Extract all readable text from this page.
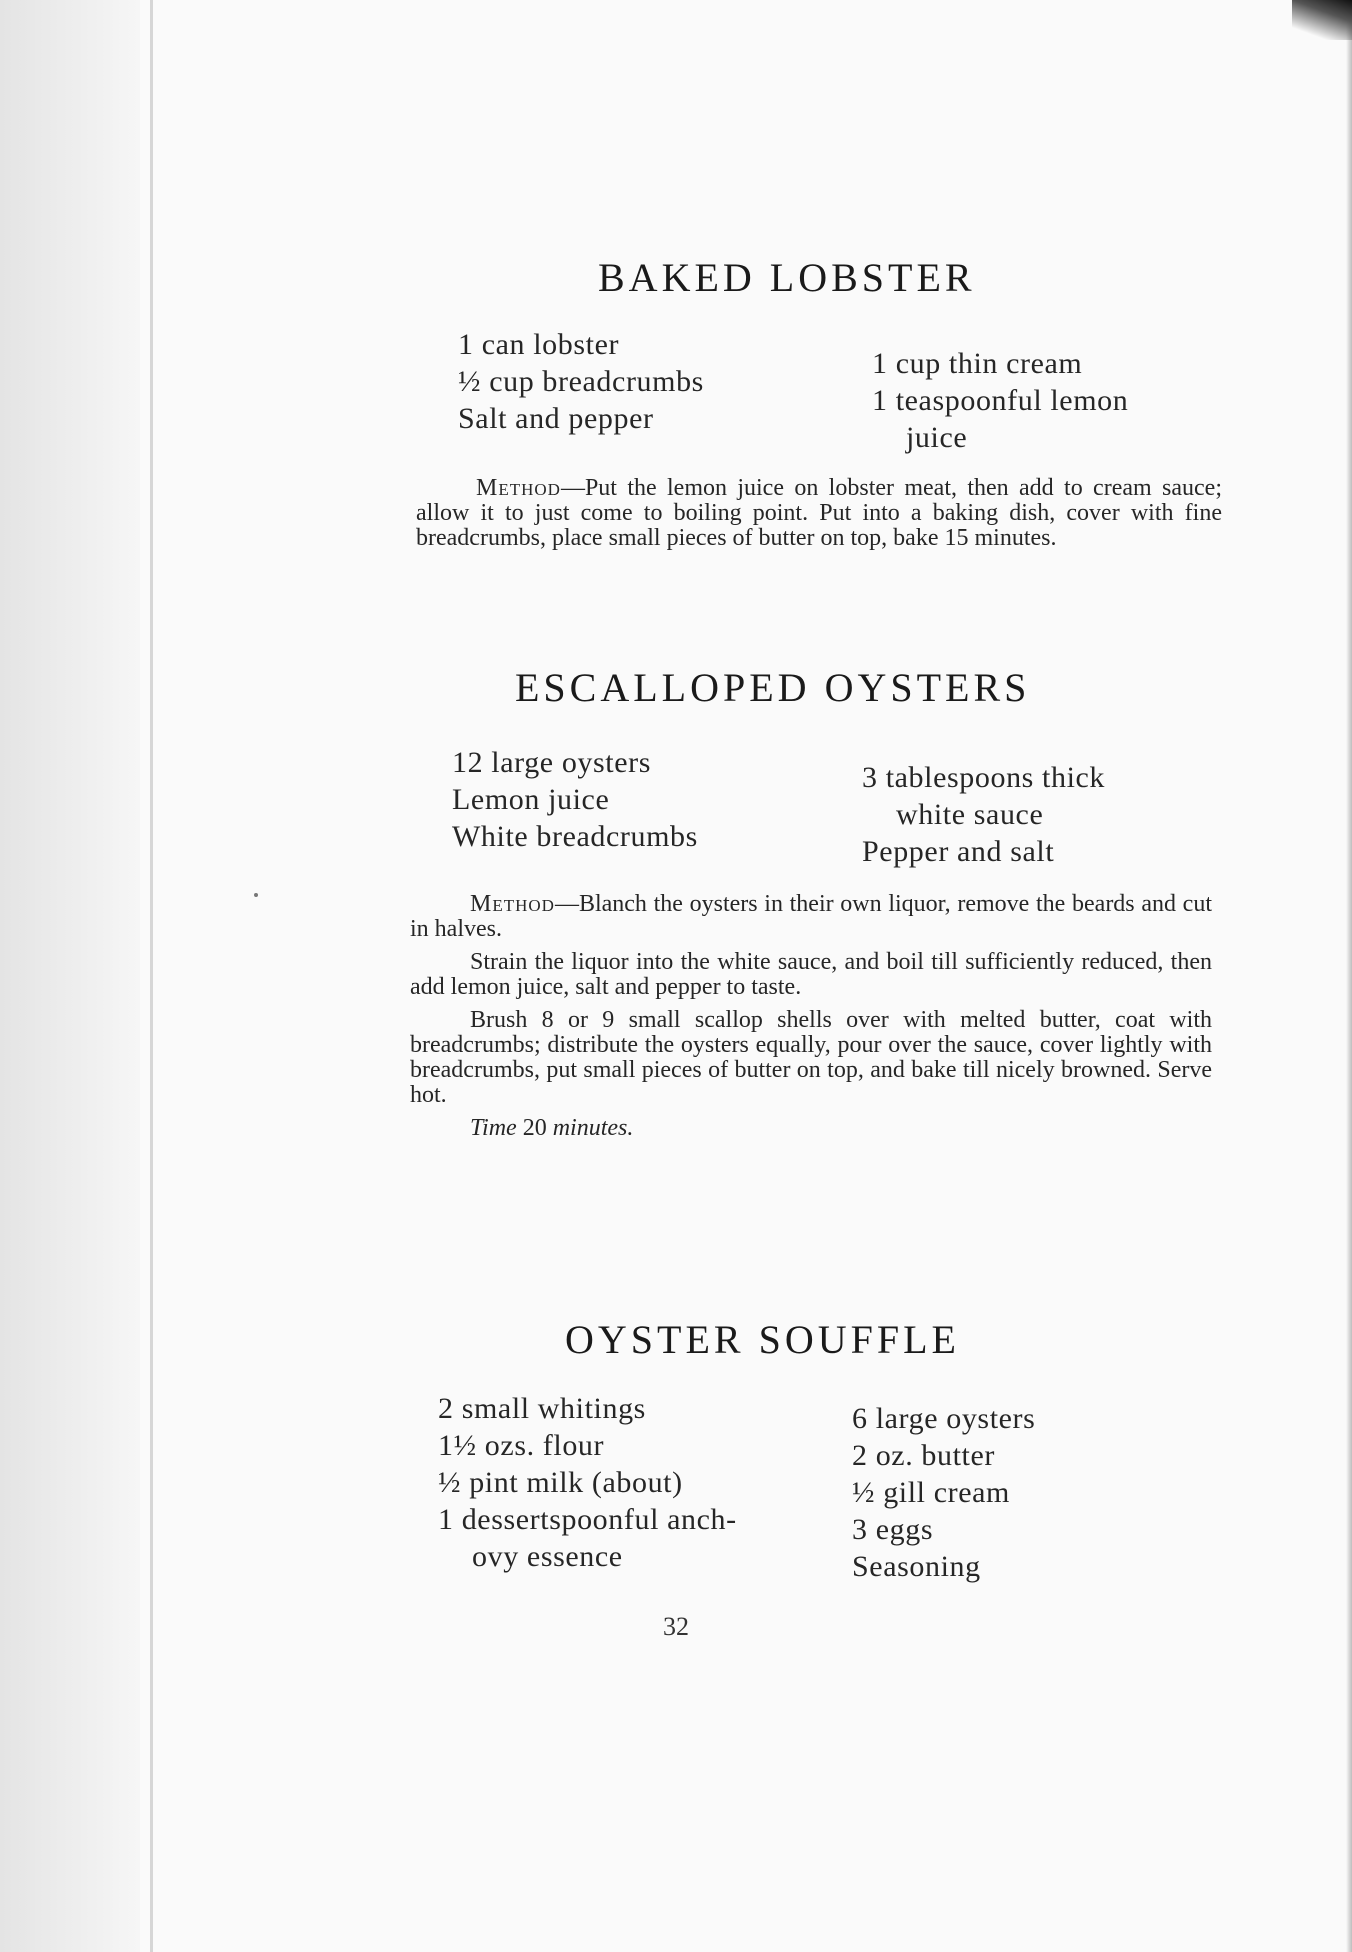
BAKED LOBSTER
1 can lobster
½ cup breadcrumbs
Salt and pepper
1 cup thin cream
1 teaspoonful lemon
juice

Method—Put the lemon juice on lobster meat, then add to cream sauce; allow it to just come to boiling point. Put into a baking dish, cover with fine breadcrumbs, place small pieces of butter on top, bake 15 minutes.

ESCALLOPED OYSTERS
12 large oysters
Lemon juice
White breadcrumbs
3 tablespoons thick
white sauce
Pepper and salt

Method—Blanch the oysters in their own liquor, remove the beards and cut in halves.

Strain the liquor into the white sauce, and boil till sufficiently reduced, then add lemon juice, salt and pepper to taste.

Brush 8 or 9 small scallop shells over with melted butter, coat with breadcrumbs; distribute the oysters equally, pour over the sauce, cover lightly with breadcrumbs, put small pieces of butter on top, and bake till nicely browned. Serve hot.

Time 20 minutes.

OYSTER SOUFFLE
2 small whitings
1½ ozs. flour
½ pint milk (about)
1 dessertspoonful anch-
ovy essence
6 large oysters
2 oz. butter
½ gill cream
3 eggs
Seasoning
32
